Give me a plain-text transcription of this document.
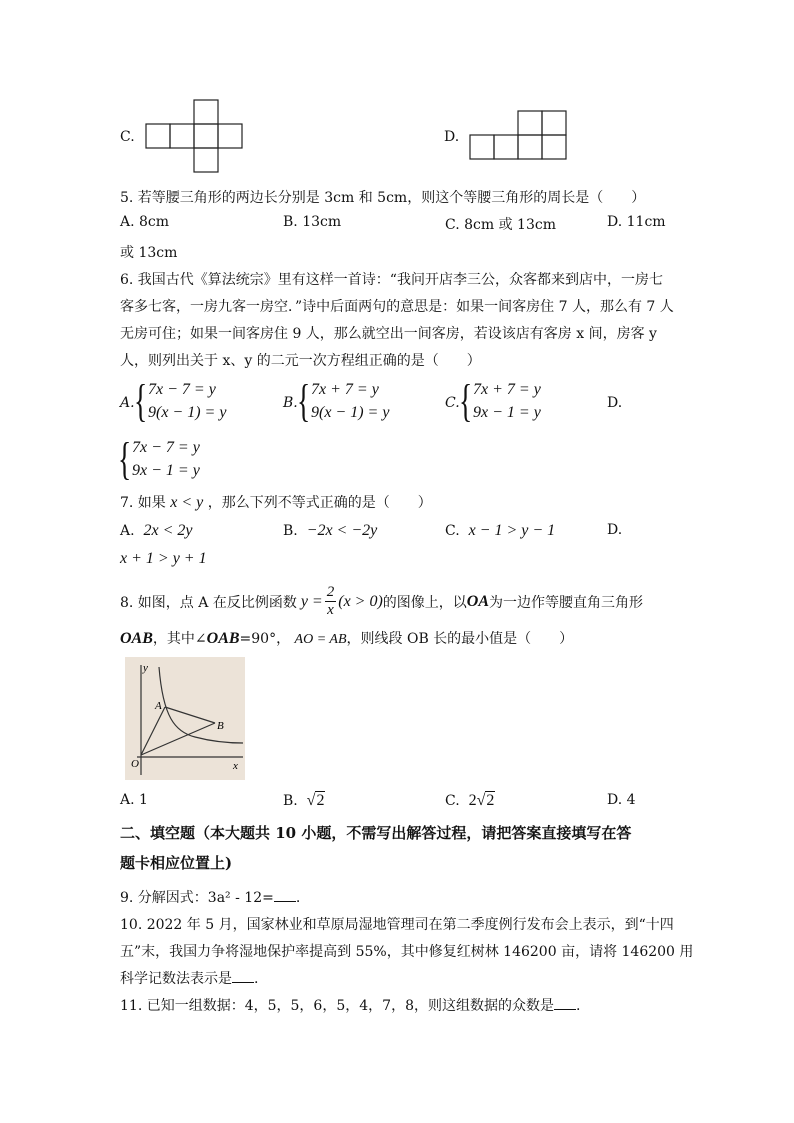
C.	D.
5. 若等腰三角形的两边长分别是 3cm 和 5cm，则这个等腰三角形的周长是（　　）
A. 8cm	B. 13cm	C. 8cm 或 13cm	D. 11cm
或 13cm
6. 我国古代《算法统宗》里有这样一首诗：“我问开店李三公，众客都来到店中，一房七
客多七客，一房九客一房空．”诗中后面两句的意思是：如果一间客房住 7 人，那么有 7 人
无房可住；如果一间客房住 9 人，那么就空出一间客房，若设该店有客房 x 间，房客 y
人，则列出关于 x、y 的二元一次方程组正确的是（　　）
A. { 7x − 7 = y
9(x − 1) = y
B. { 7x + 7 = y
9(x − 1) = y
C. { 7x + 7 = y
9x − 1 = y
D.
{ 7x − 7 = y
9x − 1 = y
7. 如果 x < y ，那么下列不等式正确的是（　　）
A. 2x < 2y	B. −2x < −2y	C. x − 1 > y − 1	D.
x + 1 > y + 1
8. 如图，点 A 在反比例函数 $y = \frac{2}{x} (x > 0)$ 的图像上，以 OA 为一边作等腰直角三角形
OAB，其中∠OAB=90°， AO = AB，则线段 OB 长的最小值是（　　）
y
x
O
A
B
A. 1	B. √2	C. 2√2	D. 4
二、填空题（本大题共 10 小题，不需写出解答过程，请把答案直接填写在答
题卡相应位置上)
9. 分解因式：3a² - 12= .
10. 2022 年 5 月，国家林业和草原局湿地管理司在第二季度例行发布会上表示，到“十四
五”末，我国力争将湿地保护率提高到 55%，其中修复红树林 146200 亩，请将 146200 用
科学记数法表示是 .
11. 已知一组数据：4，5，5，6，5，4，7，8，则这组数据的众数是 .
